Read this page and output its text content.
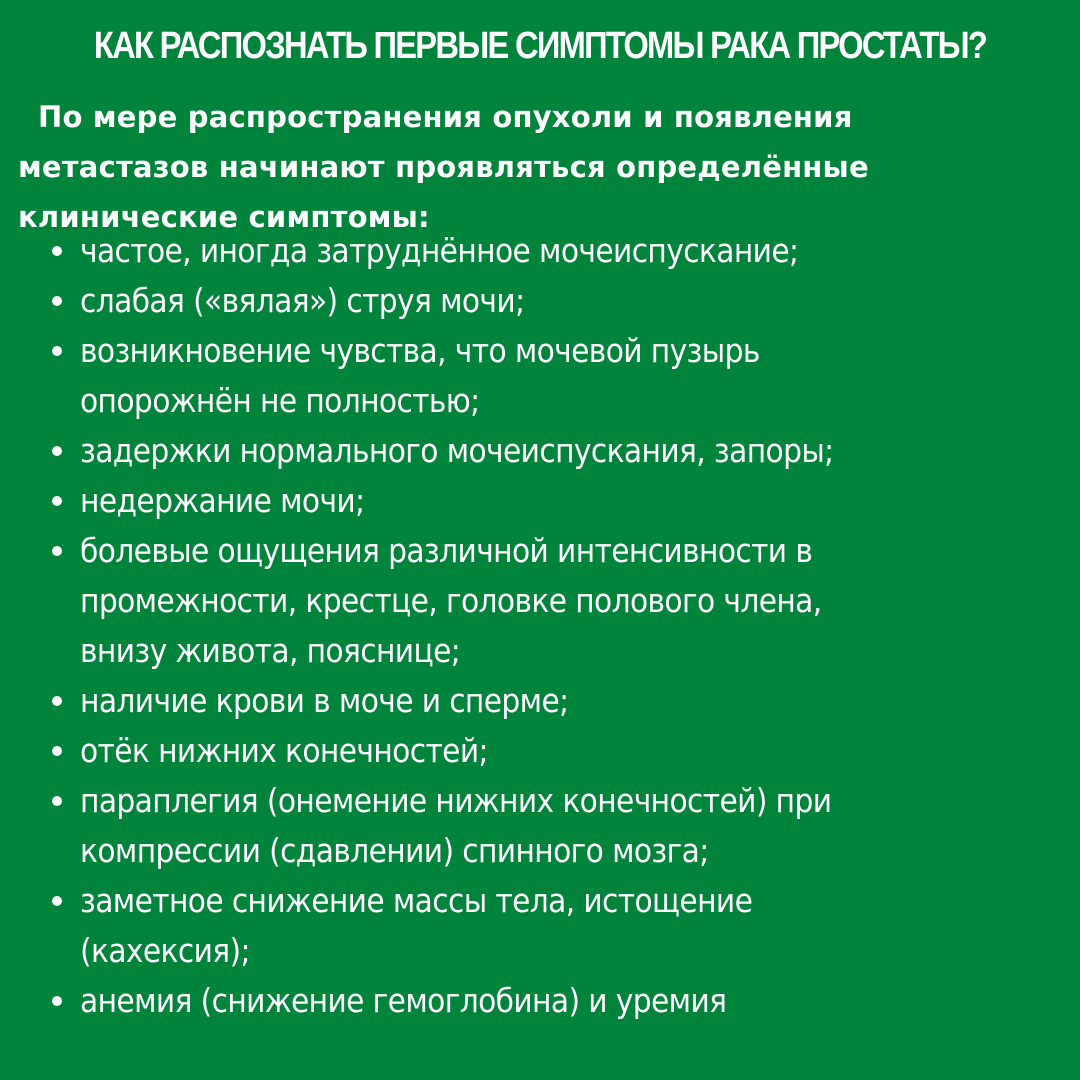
КАК РАСПОЗНАТЬ ПЕРВЫЕ СИМПТОМЫ РАКА ПРОСТАТЫ?

По мере распространения опухоли и появления
метастазов начинают проявляться определённые
клинические симптомы:

частое, иногда затруднённое мочеиспускание;
слабая («вялая») струя мочи;
возникновение чувства, что мочевой пузырь
опорожнён не полностью;
задержки нормального мочеиспускания, запоры;
недержание мочи;
болевые ощущения различной интенсивности в
промежности, крестце, головке полового члена,
внизу живота, пояснице;
наличие крови в моче и сперме;
отёк нижних конечностей;
параплегия (онемение нижних конечностей) при
компрессии (сдавлении) спинного мозга;
заметное снижение массы тела, истощение
(кахексия);
анемия (снижение гемоглобина) и уремия
